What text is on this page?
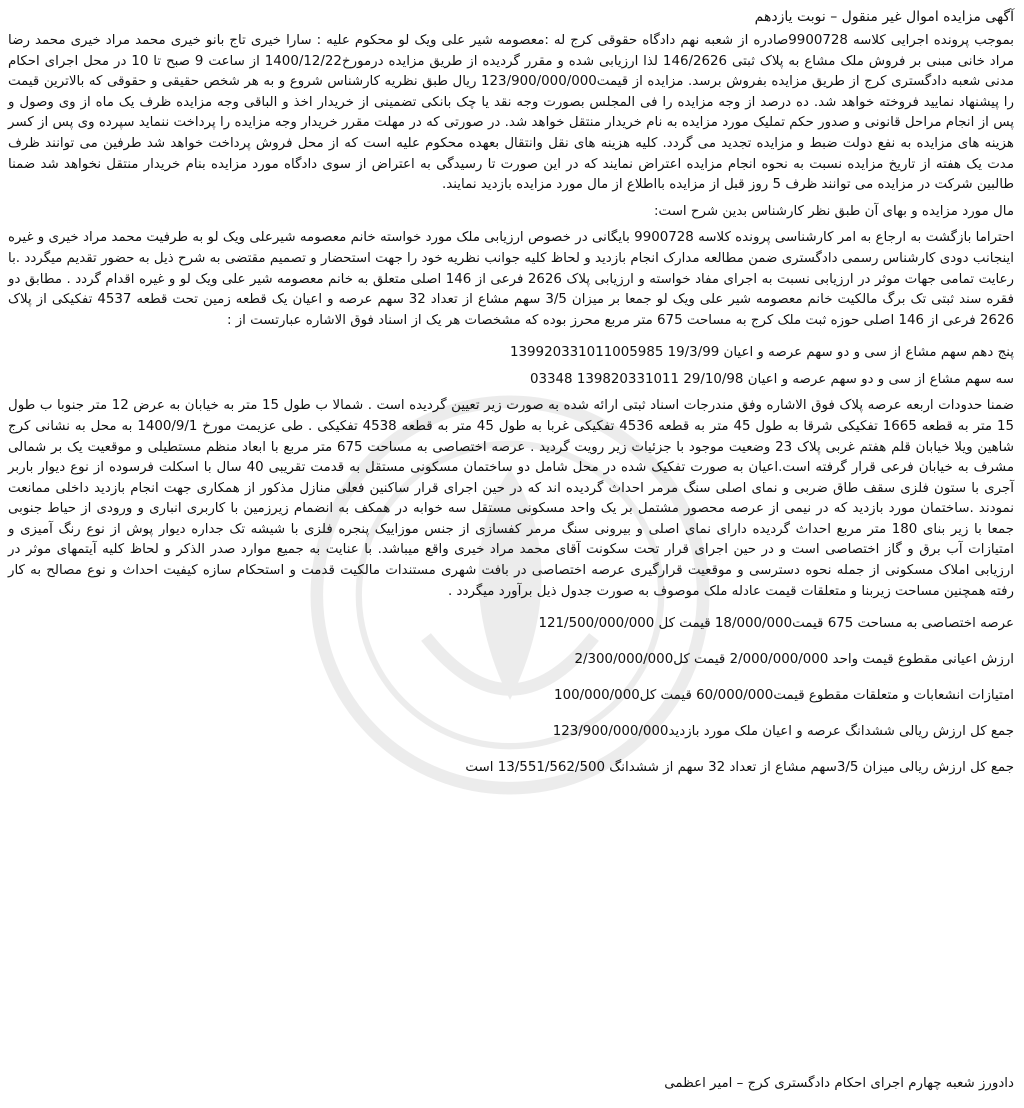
آگهی مزایده اموال غیر منقول – نوبت یازدهم

بموجب پرونده اجرایی کلاسه 9900728صادره از شعبه نهم دادگاه حقوقی کرج له :معصومه شیر علی ویک لو محکوم علیه : سارا خیری تاج بانو خیری محمد مراد خیری محمد رضا مراد خانی مبنی بر فروش ملک مشاع به پلاک ثبتی 146/2626 لذا ارزیابی شده و مقرر گردیده از طریق مزایده درمورخ1400/12/22 از ساعت 9 صبح تا 10 در محل اجرای احکام مدنی شعبه دادگستری کرج از طریق مزایده بفروش برسد. مزایده از قیمت123/900/000/000 ریال طبق نظریه کارشناس شروع و به هر شخص حقیقی و حقوقی که بالاترین قیمت را پیشنهاد نمایید فروخته خواهد شد. ده درصد از وجه مزایده را فی المجلس بصورت وجه نقد یا چک بانکی تضمینی از خریدار اخذ و الباقی وجه مزایده ظرف یک ماه از وی وصول و پس از انجام مراحل قانونی و صدور حکم تملیک مورد مزایده به نام خریدار منتقل خواهد شد. در صورتی که در مهلت مقرر خریدار وجه مزایده را پرداخت ننماید سپرده وی پس از کسر هزینه های مزایده به نفع دولت ضبط و مزایده تجدید می گردد. کلیه هزینه های نقل وانتقال بعهده محکوم علیه است که از محل فروش پرداخت خواهد شد طرفین می توانند ظرف مدت یک هفته از تاریخ مزایده نسبت به نحوه انجام مزایده اعتراض نمایند که در این صورت تا رسیدگی به اعتراض از سوی دادگاه مورد مزایده بنام خریدار منتقل نخواهد شد ضمنا طالبین شرکت در مزایده می توانند ظرف 5 روز قبل از مزایده بااطلاع از مال مورد مزایده بازدید نمایند.

مال مورد مزایده و بهای آن طبق نظر کارشناس بدین شرح است:

احتراما بازگشت به ارجاع به امر کارشناسی پرونده کلاسه 9900728 بایگانی در خصوص ارزیابی ملک مورد خواسته خانم معصومه شیرعلی ویک لو به طرفیت محمد مراد خیری و غیره اینجانب دودی کارشناس رسمی دادگستری ضمن مطالعه مدارک انجام بازدید و لحاظ کلیه جوانب نظریه خود را جهت استحضار و تصمیم مقتضی به شرح ذیل به حضور تقدیم میگردد .با رعایت تمامی جهات موثر در ارزیابی نسبت به اجرای مفاد خواسته و ارزیابی پلاک 2626 فرعی از 146 اصلی متعلق به خانم معصومه شیر علی ویک لو و غیره اقدام گردد . مطابق دو فقره سند ثبتی تک برگ مالکیت خانم معصومه شیر علی ویک لو جمعا بر میزان 3/5 سهم مشاع از تعداد 32 سهم عرصه و اعیان یک قطعه زمین تحت قطعه 4537 تفکیکی از پلاک 2626 فرعی از 146 اصلی حوزه ثبت ملک کرج به مساحت 675 متر مربع محرز بوده که مشخصات هر یک از اسناد فوق الاشاره عبارتست از :

پنج دهم سهم مشاع از سی و دو سهم عرصه و اعیان 19/3/99 139920331011005985
سه سهم مشاع از سی و دو سهم عرصه و اعیان 29/10/98 139820331011 03348

ضمنا حدودات اربعه عرصه پلاک فوق الاشاره وفق مندرجات اسناد ثبتی ارائه شده به صورت زیر تعیین گردیده است . شمالا ب طول 15 متر به خیابان به عرض 12 متر جنوبا ب طول 15 متر به قطعه 1665 تفکیکی شرقا به طول 45 متر به قطعه 4536 تفکیکی غربا به طول 45 متر به قطعه 4538 تفکیکی . طی عزیمت مورخ 1400/9/1 به محل به نشانی کرج شاهین ویلا خیابان قلم هفتم غربی پلاک 23 وضعیت موجود با جزئیات زیر رویت گردید . عرصه اختصاصی به مساحت 675 متر مربع با ابعاد منظم مستطیلی و موقعیت یک بر شمالی مشرف به خیابان فرعی قرار گرفته است.اعیان به صورت تفکیک شده در محل شامل دو ساختمان مسکونی مستقل به قدمت تقریبی 40 سال با اسکلت فرسوده از نوع دیوار باربر آجری با ستون فلزی سقف طاق ضربی و نمای اصلی سنگ مرمر احداث گردیده اند که در حین اجرای قرار ساکنین فعلی منازل مذکور از همکاری جهت انجام بازدید داخلی ممانعت نمودند .ساختمان مورد بازدید که در نیمی از عرصه محصور مشتمل بر یک واحد مسکونی مستقل سه خوابه در همکف به انضمام زیرزمین با کاربری انباری و ورودی از حیاط جنوبی جمعا با زیر بنای 180 متر مربع احداث گردیده دارای نمای اصلی و بیرونی سنگ مرمر کفسازی از جنس موزاییک پنجره فلزی با شیشه تک جداره دیوار پوش از نوع رنگ آمیزی و امتیازات آب برق و گاز اختصاصی است و در حین اجرای قرار تحت سکونت آقای محمد مراد خیری واقع میباشد. با عنایت به جمیع موارد صدر الذکر و لحاظ کلیه آیتمهای موثر در ارزیابی املاک مسکونی از جمله نحوه دسترسی و موقعیت قرارگیری عرصه اختصاصی در بافت شهری مستندات مالکیت قدمت و استحکام سازه کیفیت احداث و نوع مصالح به کار رفته همچنین مساحت زیربنا و متعلقات قیمت عادله ملک موصوف به صورت جدول ذیل برآورد میگردد .

عرصه اختصاصی به مساحت 675 قیمت18/000/000 قیمت کل 121/500/000/000
ارزش اعیانی مقطوع قیمت واحد 2/000/000/000 قیمت کل2/300/000/000
امتیازات انشعابات و متعلقات مقطوع قیمت60/000/000 قیمت کل100/000/000
جمع کل ارزش ریالی ششدانگ عرصه و اعیان ملک مورد بازدید123/900/000/000
جمع کل ارزش ریالی میزان 3/5سهم مشاع از تعداد 32 سهم از ششدانگ 13/551/562/500 است
دادورز شعبه چهارم اجرای احکام دادگستری کرج – امیر اعظمی
